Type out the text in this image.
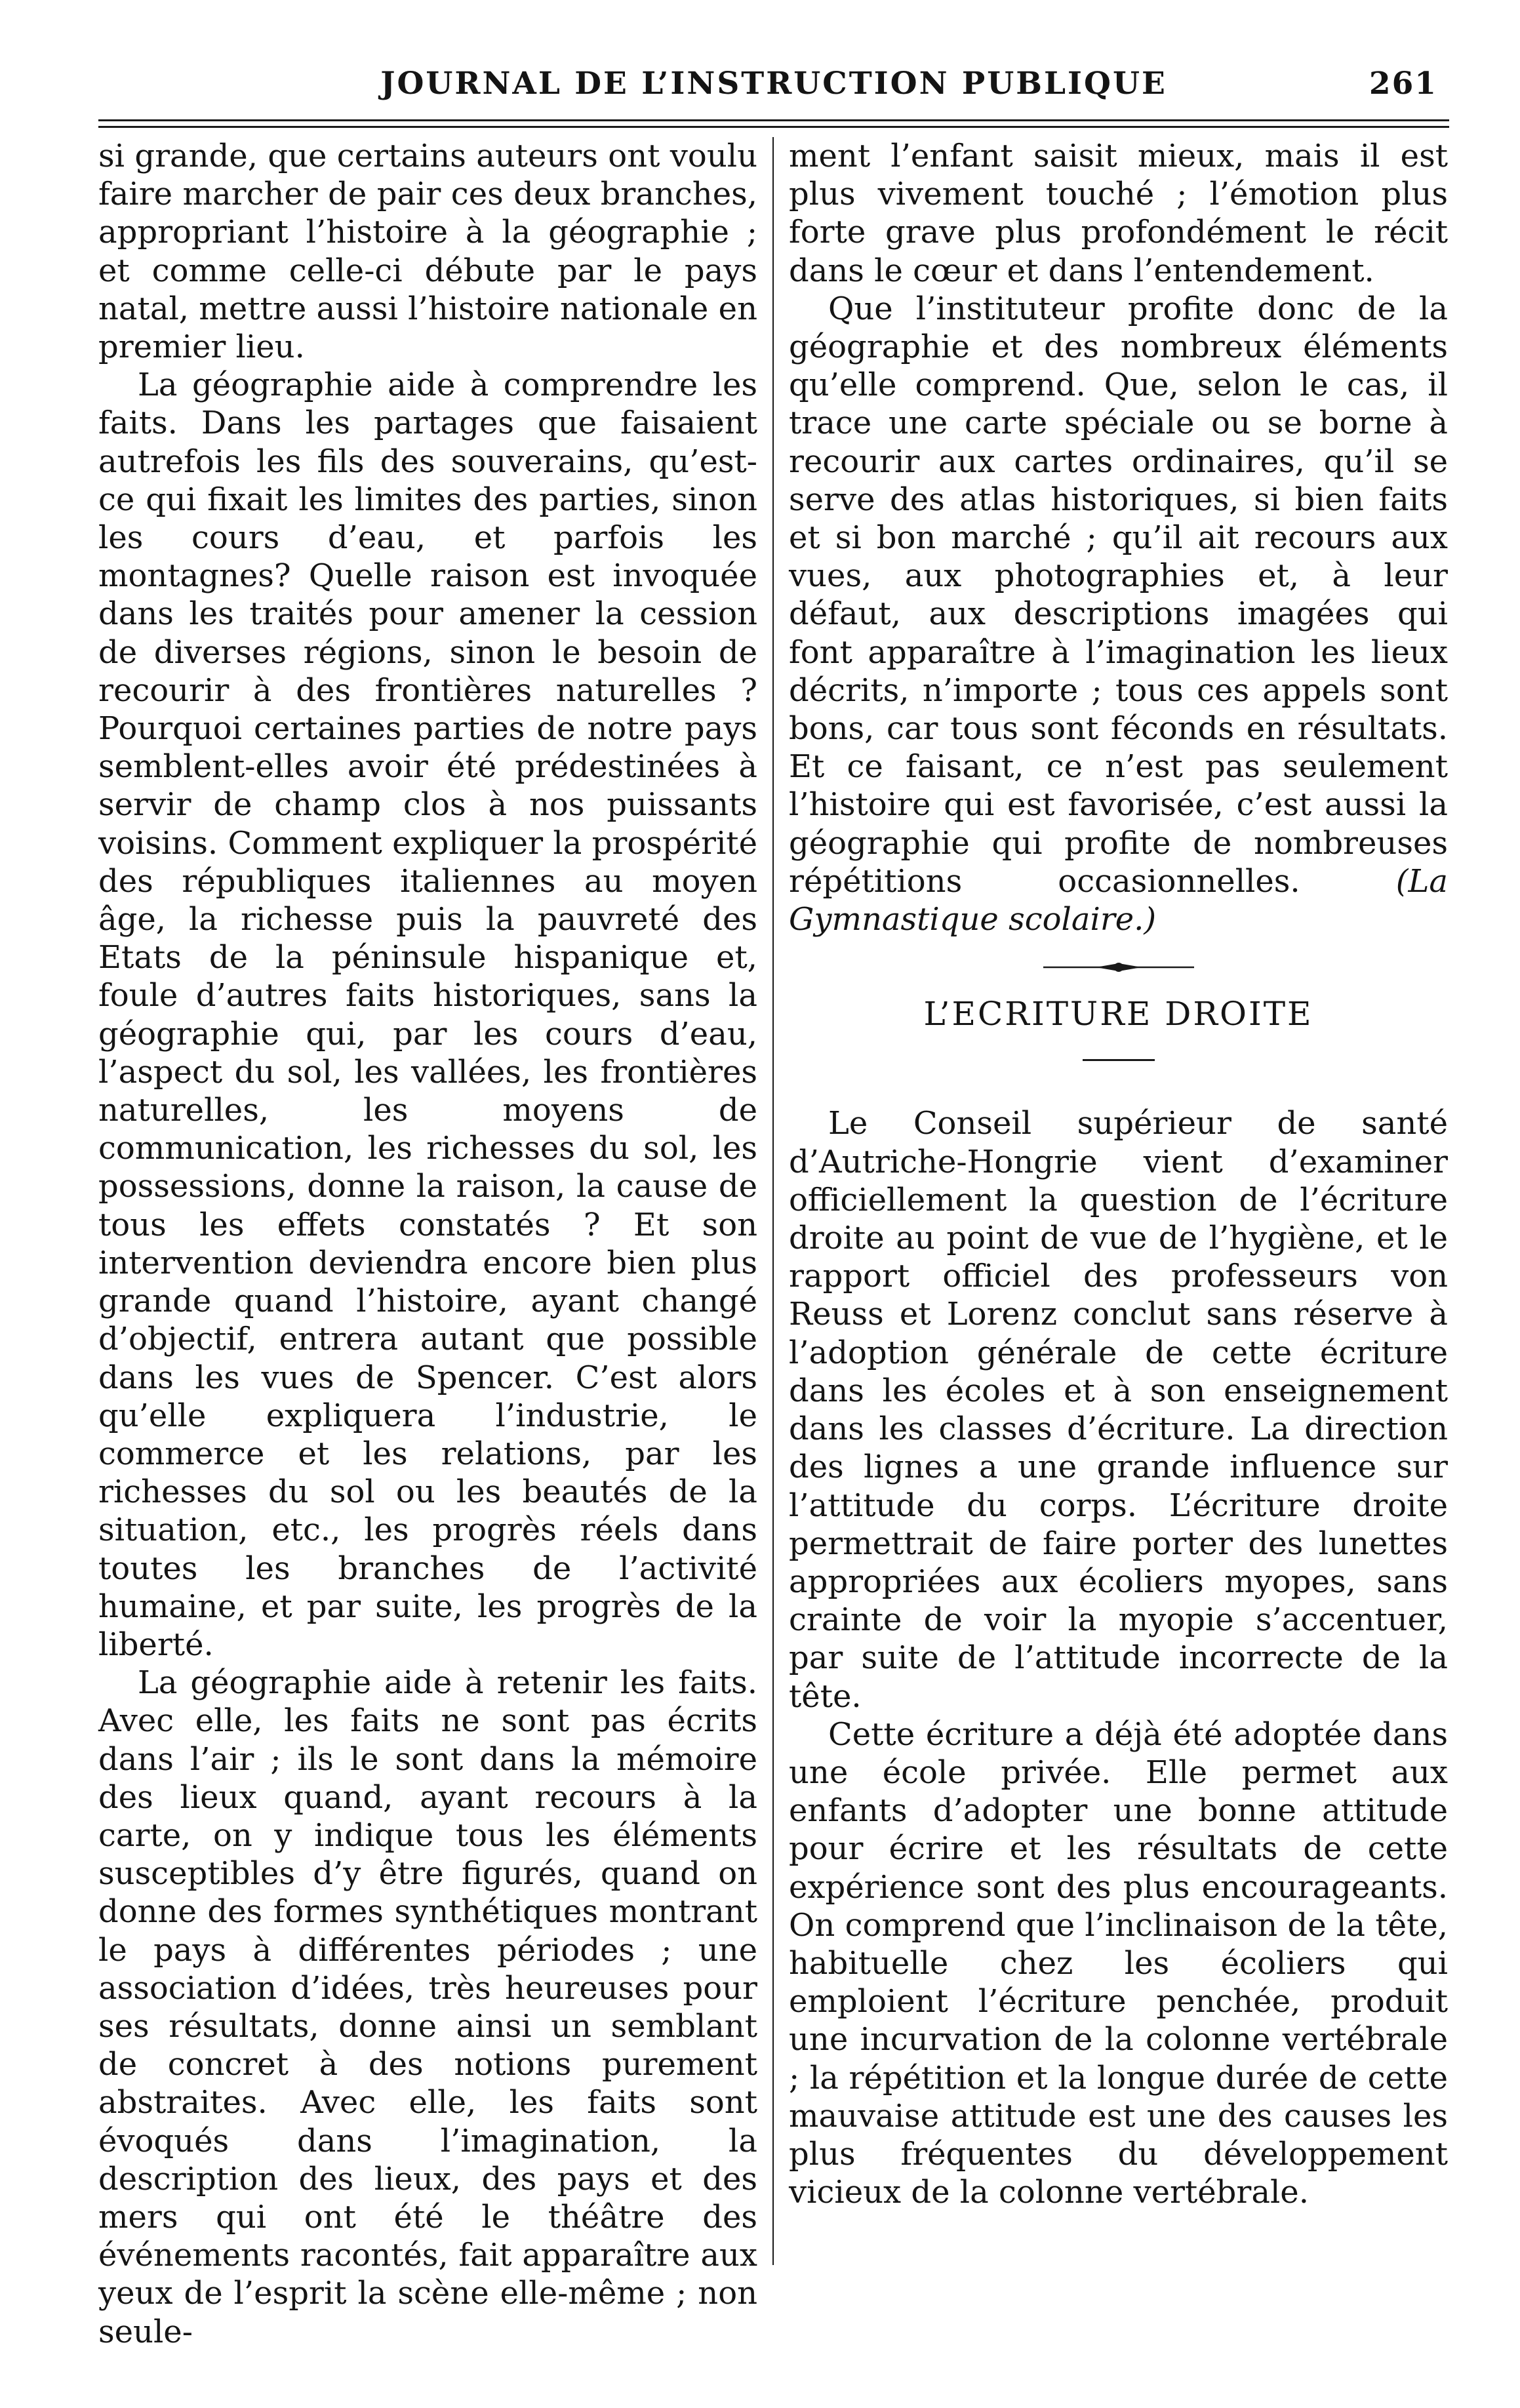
JOURNAL DE L’INSTRUCTION PUBLIQUE	261

si grande, que certains auteurs ont voulu faire marcher de pair ces deux branches, appropriant l’histoire à la géographie ; et comme celle-ci débute par le pays natal, mettre aussi l’histoire nationale en premier lieu.

La géographie aide à comprendre les faits. Dans les partages que faisaient autrefois les fils des souverains, qu’est-ce qui fixait les limites des parties, sinon les cours d’eau, et parfois les montagnes? Quelle raison est invoquée dans les traités pour amener la cession de diverses régions, sinon le besoin de recourir à des frontières naturelles ? Pourquoi certaines parties de notre pays semblent-elles avoir été prédestinées à servir de champ clos à nos puissants voisins. Comment expliquer la prospérité des républiques italiennes au moyen âge, la richesse puis la pauvreté des Etats de la péninsule hispanique et, foule d’autres faits historiques, sans la géographie qui, par les cours d’eau, l’aspect du sol, les vallées, les frontières naturelles, les moyens de communication, les richesses du sol, les possessions, donne la raison, la cause de tous les effets constatés ? Et son intervention deviendra encore bien plus grande quand l’histoire, ayant changé d’objectif, entrera autant que possible dans les vues de Spencer. C’est alors qu’elle expliquera l’industrie, le commerce et les relations, par les richesses du sol ou les beautés de la situation, etc., les progrès réels dans toutes les branches de l’activité humaine, et par suite, les progrès de la liberté.

La géographie aide à retenir les faits. Avec elle, les faits ne sont pas écrits dans l’air ; ils le sont dans la mémoire des lieux quand, ayant recours à la carte, on y indique tous les éléments susceptibles d’y être figurés, quand on donne des formes synthétiques montrant le pays à différentes périodes ; une association d’idées, très heureuses pour ses résultats, donne ainsi un semblant de concret à des notions purement abstraites. Avec elle, les faits sont évoqués dans l’imagination, la description des lieux, des pays et des mers qui ont été le théâtre des événements racontés, fait apparaître aux yeux de l’esprit la scène elle-même ; non seule-

ment l’enfant saisit mieux, mais il est plus vivement touché ; l’émotion plus forte grave plus profondément le récit dans le cœur et dans l’entendement.

Que l’instituteur profite donc de la géographie et des nombreux éléments qu’elle comprend. Que, selon le cas, il trace une carte spéciale ou se borne à recourir aux cartes ordinaires, qu’il se serve des atlas historiques, si bien faits et si bon marché ; qu’il ait recours aux vues, aux photographies et, à leur défaut, aux descriptions imagées qui font apparaître à l’imagination les lieux décrits, n’importe ; tous ces appels sont bons, car tous sont féconds en résultats. Et ce faisant, ce n’est pas seulement l’histoire qui est favorisée, c’est aussi la géographie qui profite de nombreuses répétitions occasionnelles.	(La Gymnastique scolaire.)

L’ECRITURE DROITE

Le Conseil supérieur de santé d’Autriche-Hongrie vient d’examiner officiellement la question de l’écriture droite au point de vue de l’hygiène, et le rapport officiel des professeurs von Reuss et Lorenz conclut sans réserve à l’adoption générale de cette écriture dans les écoles et à son enseignement dans les classes d’écriture. La direction des lignes a une grande influence sur l’attitude du corps. L’écriture droite permettrait de faire porter des lunettes appropriées aux écoliers myopes, sans crainte de voir la myopie s’accentuer, par suite de l’attitude incorrecte de la tête.

Cette écriture a déjà été adoptée dans une école privée. Elle permet aux enfants d’adopter une bonne attitude pour écrire et les résultats de cette expérience sont des plus encourageants. On comprend que l’inclinaison de la tête, habituelle chez les écoliers qui emploient l’écriture penchée, produit une incurvation de la colonne vertébrale ; la répétition et la longue durée de cette mauvaise attitude est une des causes les plus fréquentes du développement vicieux de la colonne vertébrale.
